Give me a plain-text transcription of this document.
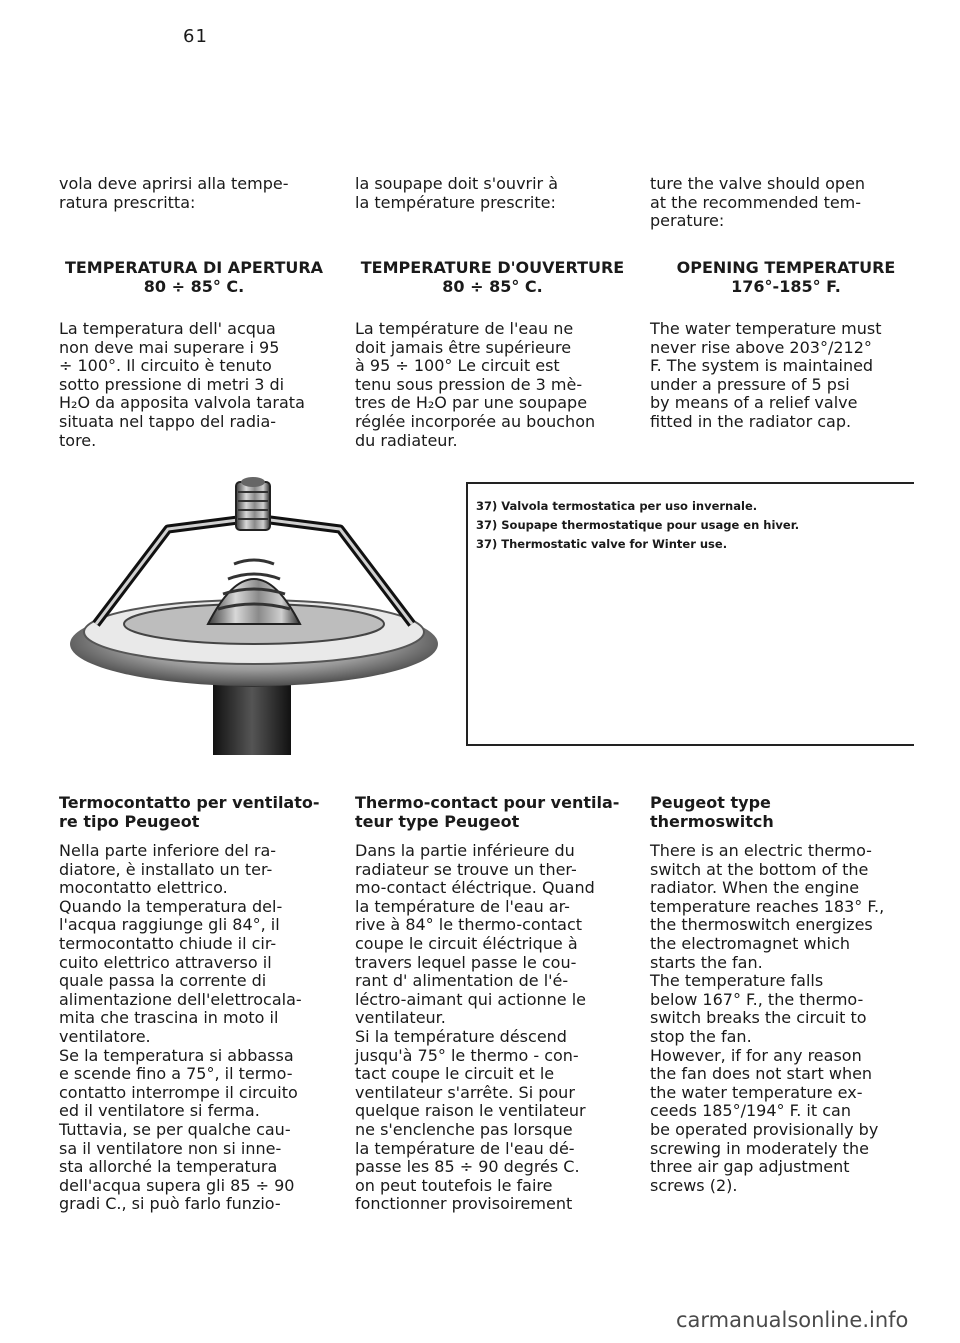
61
vola deve aprirsi alla tempe-
ratura prescritta:
la soupape doit s'ouvrir à
la température prescrite:
ture the valve should open
at the recommended tem-
perature:
TEMPERATURA DI APERTURA
80 ÷ 85° C.
TEMPERATURE D'OUVERTURE
80 ÷ 85° C.
OPENING TEMPERATURE
176°-185° F.
La temperatura dell' acqua
non deve mai superare i 95
÷ 100°. Il circuito è tenuto
sotto pressione di metri 3 di
H₂O da apposita valvola tarata
situata nel tappo del radia-
tore.
La température de l'eau ne
doit jamais être supérieure
à 95 ÷ 100° Le circuit est
tenu sous pression de 3 mè-
tres de H₂O par une soupape
réglée incorporée au bouchon
du radiateur.
The water temperature must
never rise above 203°/212°
F. The system is maintained
under a pressure of 5 psi
by means of a relief valve
fitted in the radiator cap.
37) Valvola termostatica per uso invernale.
37) Soupape thermostatique pour usage en hiver.
37) Thermostatic valve for Winter use.
Termocontatto per ventilato-
re tipo Peugeot
Thermo-contact pour ventila-
teur type Peugeot
Peugeot type
thermoswitch
Nella parte inferiore del ra-
diatore, è installato un ter-
mocontatto elettrico.
Quando la temperatura del-
l'acqua raggiunge gli 84°, il
termocontatto chiude il cir-
cuito elettrico attraverso il
quale passa la corrente di
alimentazione dell'elettrocala-
mita che trascina in moto il
ventilatore.
Se la temperatura si abbassa
e scende fino a 75°, il termo-
contatto interrompe il circuito
ed il ventilatore si ferma.
Tuttavia, se per qualche cau-
sa il ventilatore non si inne-
sta allorché la temperatura
dell'acqua supera gli 85 ÷ 90
gradi C., si può farlo funzio-
Dans la partie inférieure du
radiateur se trouve un ther-
mo-contact éléctrique. Quand
la température de l'eau ar-
rive à 84° le thermo-contact
coupe le circuit éléctrique à
travers lequel passe le cou-
rant d' alimentation de l'é-
léctro-aimant qui actionne le
ventilateur.
Si la température déscend
jusqu'à 75° le thermo - con-
tact coupe le circuit et le
ventilateur s'arrête. Si pour
quelque raison le ventilateur
ne s'enclenche pas lorsque
la température de l'eau dé-
passe les 85 ÷ 90 degrés C.
on peut toutefois le faire
fonctionner provisoirement
There is an electric thermo-
switch at the bottom of the
radiator. When the engine
temperature reaches 183° F.,
the thermoswitch energizes
the electromagnet which
starts the fan.
The temperature falls
below 167° F., the thermo-
switch breaks the circuit to
stop the fan.
However, if for any reason
the fan does not start when
the water temperature ex-
ceeds 185°/194° F. it can
be operated provisionally by
screwing in moderately the
three air gap adjustment
screws (2).
carmanualsonline.info
